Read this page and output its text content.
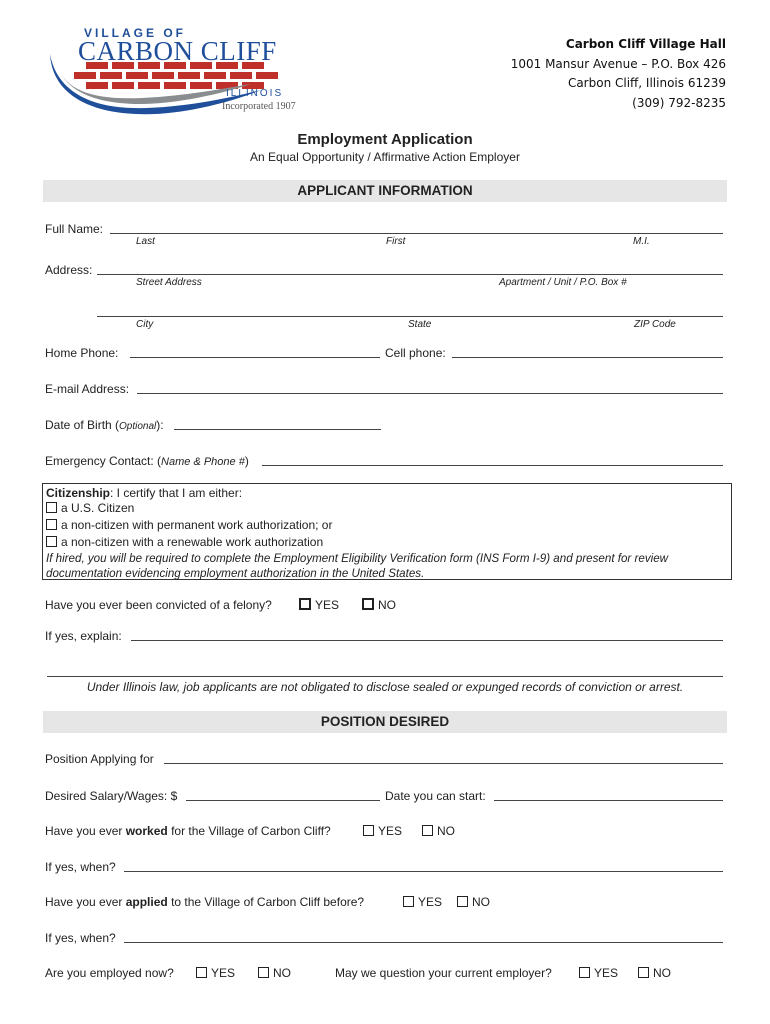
VILLAGE OF
CARBON CLIFF
ILLINOIS
Incorporated 1907
Carbon Cliff Village Hall
1001 Mansur Avenue – P.O. Box 426
Carbon Cliff, Illinois 61239
(309) 792-8235
Employment Application
An Equal Opportunity / Affirmative Action Employer
APPLICANT INFORMATION
Full Name:
Last	First	M.I.
Address:
Street Address	Apartment / Unit / P.O. Box #
City	State	ZIP Code
Home Phone:	Cell phone:
E-mail Address:
Date of Birth (Optional):
Emergency Contact: (Name & Phone #)
Citizenship: I certify that I am either:
a U.S. Citizen
a non-citizen with permanent work authorization; or
a non-citizen with a renewable work authorization
If hired, you will be required to complete the Employment Eligibility Verification form (INS Form I-9) and present for review
documentation evidencing employment authorization in the United States.
Have you ever been convicted of a felony?	YES	NO
If yes, explain:
Under Illinois law, job applicants are not obligated to disclose sealed or expunged records of conviction or arrest.
POSITION DESIRED
Position Applying for
Desired Salary/Wages: $	Date you can start:
Have you ever worked for the Village of Carbon Cliff?	YES	NO
If yes, when?
Have you ever applied to the Village of Carbon Cliff before?	YES	NO
If yes, when?
Are you employed now?	YES	NO	May we question your current employer?	YES	NO
